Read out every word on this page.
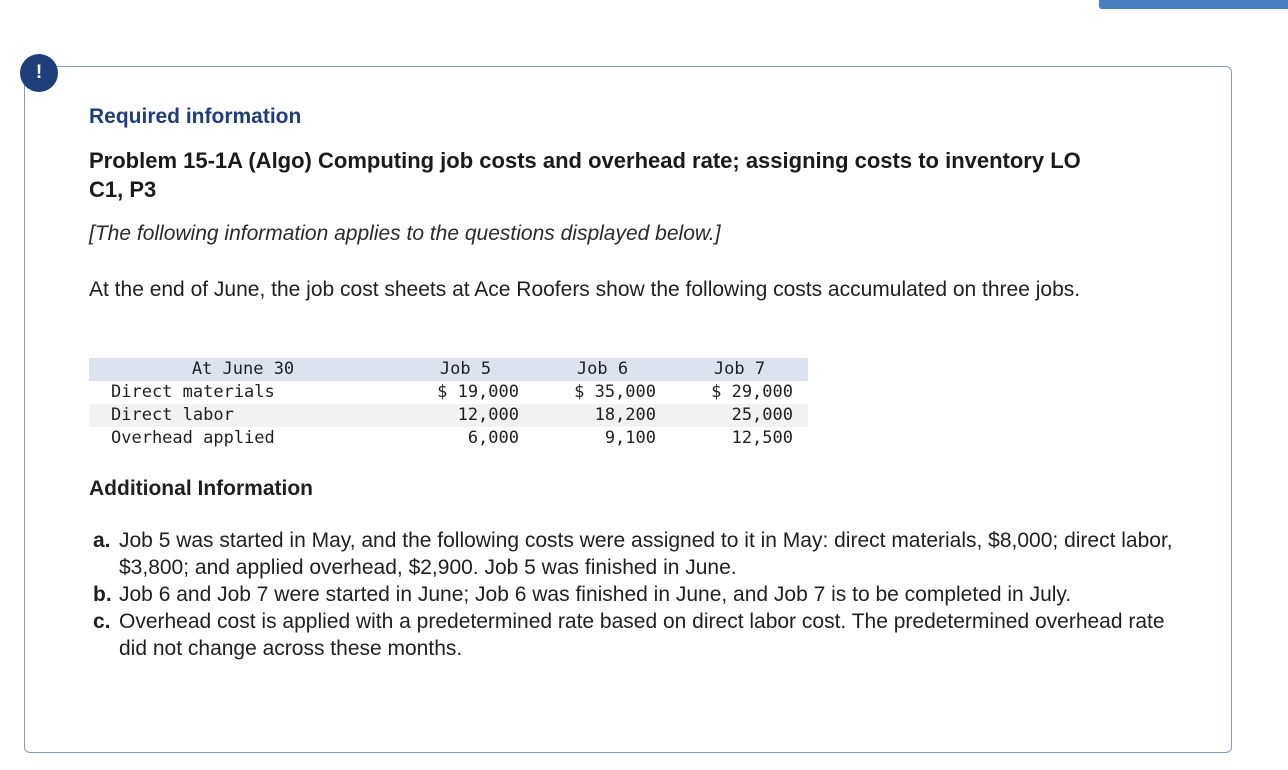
!
Required information
Problem 15-1A (Algo) Computing job costs and overhead rate; assigning costs to inventory LO C1, P3
[The following information applies to the questions displayed below.]
At the end of June, the job cost sheets at Ace Roofers show the following costs accumulated on three jobs.
At June 30	Job 5	Job 6	Job 7
Direct materials	$ 19,000	$ 35,000	$ 29,000
Direct labor	12,000	18,200	25,000
Overhead applied	6,000	9,100	12,500
Additional Information
a. Job 5 was started in May, and the following costs were assigned to it in May: direct materials, $8,000; direct labor, $3,800; and applied overhead, $2,900. Job 5 was finished in June.
b. Job 6 and Job 7 were started in June; Job 6 was finished in June, and Job 7 is to be completed in July.
c. Overhead cost is applied with a predetermined rate based on direct labor cost. The predetermined overhead rate did not change across these months.
